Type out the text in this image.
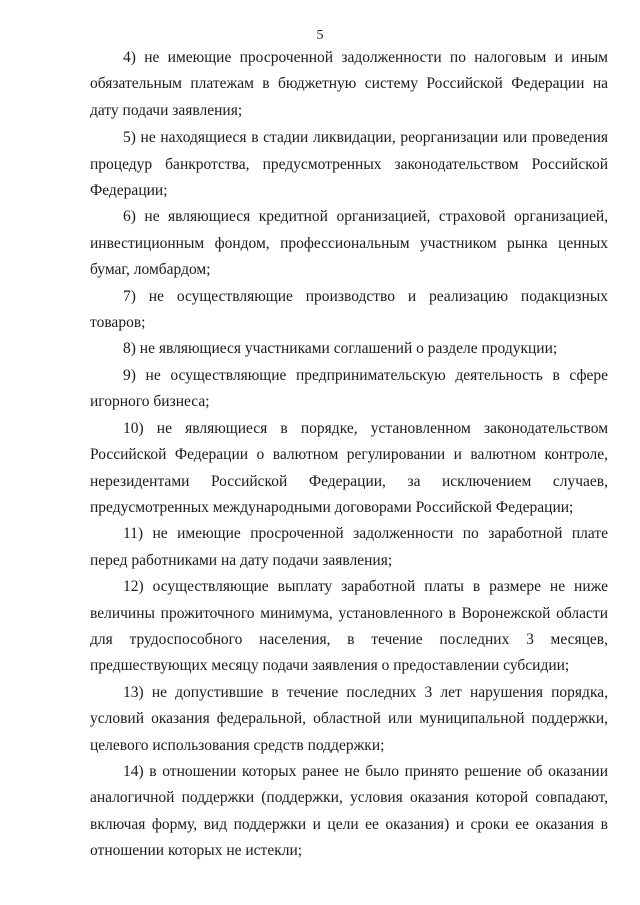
5

4) не имеющие просроченной задолженности по налоговым и иным обязательным платежам в бюджетную систему Российской Федерации на дату подачи заявления;

5) не находящиеся в стадии ликвидации, реорганизации или проведения процедур банкротства, предусмотренных законодательством Российской Федерации;

6) не являющиеся кредитной организацией, страховой организацией, инвестиционным фондом, профессиональным участником рынка ценных бумаг, ломбардом;

7) не осуществляющие производство и реализацию подакцизных товаров;

8) не являющиеся участниками соглашений о разделе продукции;

9) не осуществляющие предпринимательскую деятельность в сфере игорного бизнеса;

10) не являющиеся в порядке, установленном законодательством Российской Федерации о валютном регулировании и валютном контроле, нерезидентами Российской Федерации, за исключением случаев, предусмотренных международными договорами Российской Федерации;

11) не имеющие просроченной задолженности по заработной плате перед работниками на дату подачи заявления;

12) осуществляющие выплату заработной платы в размере не ниже величины прожиточного минимума, установленного в Воронежской области для трудоспособного населения, в течение последних 3 месяцев, предшествующих месяцу подачи заявления о предоставлении субсидии;

13) не допустившие в течение последних 3 лет нарушения порядка, условий оказания федеральной, областной или муниципальной поддержки, целевого использования средств поддержки;

14) в отношении которых ранее не было принято решение об оказании аналогичной поддержки (поддержки, условия оказания которой совпадают, включая форму, вид поддержки и цели ее оказания) и сроки ее оказания в отношении которых не истекли;
